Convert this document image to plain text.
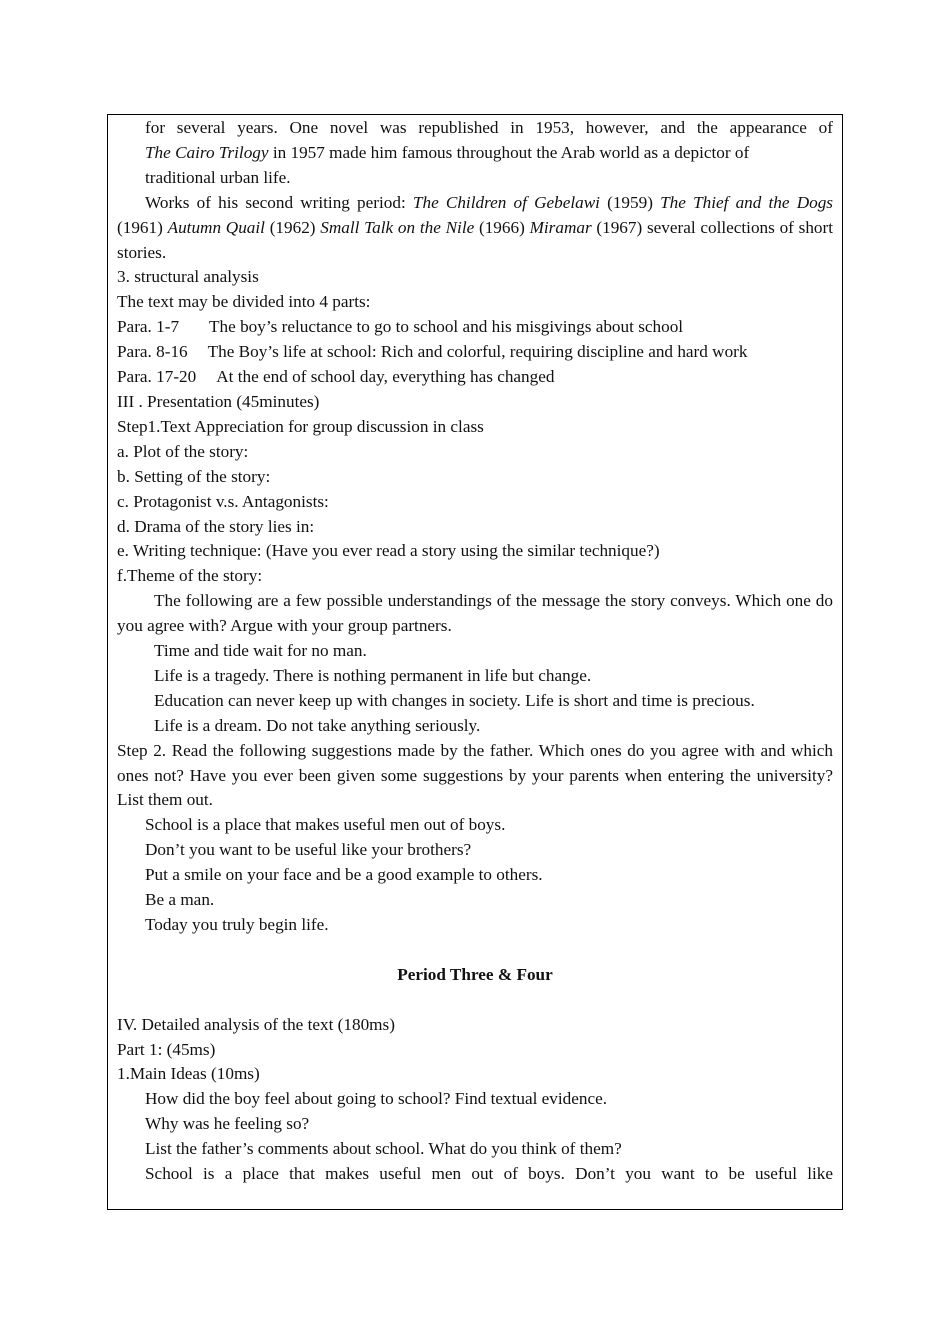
for several years. One novel was republished in 1953, however, and the appearance of

The Cairo Trilogy in 1957 made him famous throughout the Arab world as a depictor of

traditional urban life.

Works of his second writing period: The Children of Gebelawi (1959) The Thief and the Dogs (1961) Autumn Quail (1962) Small Talk on the Nile (1966) Miramar (1967) several collections of short stories.

3. structural analysis

The text may be divided into 4 parts:

Para. 1-7 The boy’s reluctance to go to school and his misgivings about school

Para. 8-16 The Boy’s life at school: Rich and colorful, requiring discipline and hard work

Para. 17-20 At the end of school day, everything has changed

III . Presentation (45minutes)

Step1.Text Appreciation for group discussion in class

a. Plot of the story:

b. Setting of the story:

c. Protagonist v.s. Antagonists:

d. Drama of the story lies in:

e. Writing technique: (Have you ever read a story using the similar technique?)

f.Theme of the story:

The following are a few possible understandings of the message the story conveys. Which one do you agree with? Argue with your group partners.

Time and tide wait for no man.

Life is a tragedy. There is nothing permanent in life but change.

Education can never keep up with changes in society. Life is short and time is precious.

Life is a dream. Do not take anything seriously.

Step 2. Read the following suggestions made by the father. Which ones do you agree with and which ones not? Have you ever been given some suggestions by your parents when entering the university? List them out.

School is a place that makes useful men out of boys.

Don’t you want to be useful like your brothers?

Put a smile on your face and be a good example to others.

Be a man.

Today you truly begin life.

Period Three & Four

IV. Detailed analysis of the text (180ms)

Part 1: (45ms)

1.Main Ideas (10ms)

How did the boy feel about going to school? Find textual evidence.

Why was he feeling so?

List the father’s comments about school. What do you think of them?

School is a place that makes useful men out of boys. Don’t you want to be useful like
